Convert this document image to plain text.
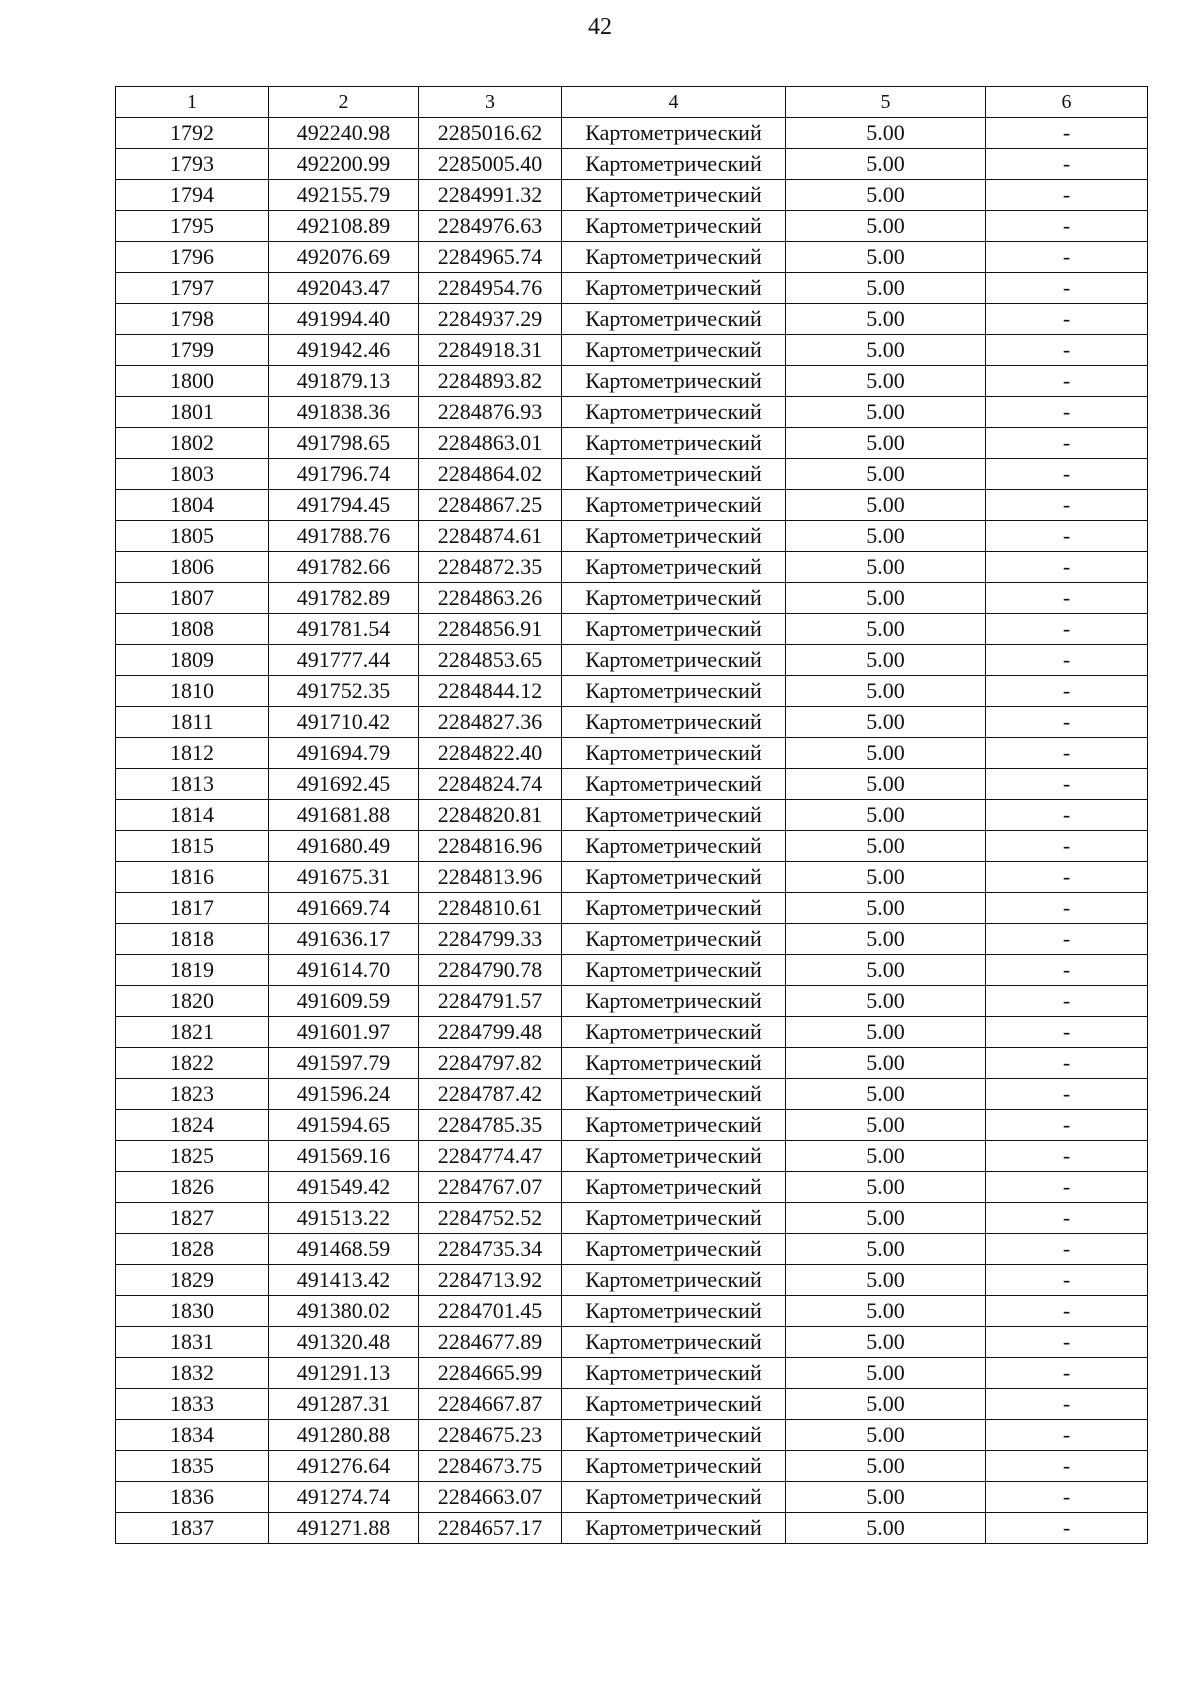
42
1	2	3	4	5	6
1792	492240.98	2285016.62	Картометрический	5.00	-
1793	492200.99	2285005.40	Картометрический	5.00	-
1794	492155.79	2284991.32	Картометрический	5.00	-
1795	492108.89	2284976.63	Картометрический	5.00	-
1796	492076.69	2284965.74	Картометрический	5.00	-
1797	492043.47	2284954.76	Картометрический	5.00	-
1798	491994.40	2284937.29	Картометрический	5.00	-
1799	491942.46	2284918.31	Картометрический	5.00	-
1800	491879.13	2284893.82	Картометрический	5.00	-
1801	491838.36	2284876.93	Картометрический	5.00	-
1802	491798.65	2284863.01	Картометрический	5.00	-
1803	491796.74	2284864.02	Картометрический	5.00	-
1804	491794.45	2284867.25	Картометрический	5.00	-
1805	491788.76	2284874.61	Картометрический	5.00	-
1806	491782.66	2284872.35	Картометрический	5.00	-
1807	491782.89	2284863.26	Картометрический	5.00	-
1808	491781.54	2284856.91	Картометрический	5.00	-
1809	491777.44	2284853.65	Картометрический	5.00	-
1810	491752.35	2284844.12	Картометрический	5.00	-
1811	491710.42	2284827.36	Картометрический	5.00	-
1812	491694.79	2284822.40	Картометрический	5.00	-
1813	491692.45	2284824.74	Картометрический	5.00	-
1814	491681.88	2284820.81	Картометрический	5.00	-
1815	491680.49	2284816.96	Картометрический	5.00	-
1816	491675.31	2284813.96	Картометрический	5.00	-
1817	491669.74	2284810.61	Картометрический	5.00	-
1818	491636.17	2284799.33	Картометрический	5.00	-
1819	491614.70	2284790.78	Картометрический	5.00	-
1820	491609.59	2284791.57	Картометрический	5.00	-
1821	491601.97	2284799.48	Картометрический	5.00	-
1822	491597.79	2284797.82	Картометрический	5.00	-
1823	491596.24	2284787.42	Картометрический	5.00	-
1824	491594.65	2284785.35	Картометрический	5.00	-
1825	491569.16	2284774.47	Картометрический	5.00	-
1826	491549.42	2284767.07	Картометрический	5.00	-
1827	491513.22	2284752.52	Картометрический	5.00	-
1828	491468.59	2284735.34	Картометрический	5.00	-
1829	491413.42	2284713.92	Картометрический	5.00	-
1830	491380.02	2284701.45	Картометрический	5.00	-
1831	491320.48	2284677.89	Картометрический	5.00	-
1832	491291.13	2284665.99	Картометрический	5.00	-
1833	491287.31	2284667.87	Картометрический	5.00	-
1834	491280.88	2284675.23	Картометрический	5.00	-
1835	491276.64	2284673.75	Картометрический	5.00	-
1836	491274.74	2284663.07	Картометрический	5.00	-
1837	491271.88	2284657.17	Картометрический	5.00	-
